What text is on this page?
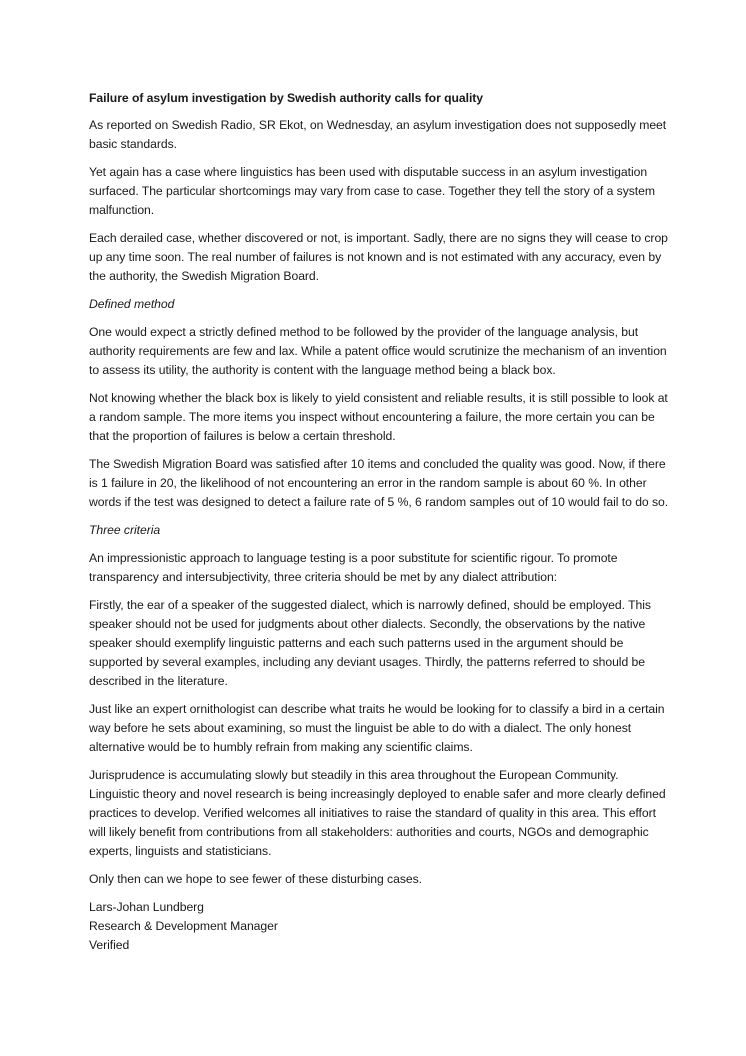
Failure of asylum investigation by Swedish authority calls for quality

As reported on Swedish Radio, SR Ekot, on Wednesday, an asylum investigation does not supposedly meet basic standards.

Yet again has a case where linguistics has been used with disputable success in an asylum investigation surfaced. The particular shortcomings may vary from case to case. Together they tell the story of a system malfunction.

Each derailed case, whether discovered or not, is important. Sadly, there are no signs they will cease to crop up any time soon. The real number of failures is not known and is not estimated with any accuracy, even by the authority, the Swedish Migration Board.

Defined method

One would expect a strictly defined method to be followed by the provider of the language analysis, but authority requirements are few and lax. While a patent office would scrutinize the mechanism of an invention to assess its utility, the authority is content with the language method being a black box.

Not knowing whether the black box is likely to yield consistent and reliable results, it is still possible to look at a random sample. The more items you inspect without encountering a failure, the more certain you can be that the proportion of failures is below a certain threshold.

The Swedish Migration Board was satisfied after 10 items and concluded the quality was good. Now, if there is 1 failure in 20, the likelihood of not encountering an error in the random sample is about 60 %. In other words if the test was designed to detect a failure rate of 5 %, 6 random samples out of 10 would fail to do so.

Three criteria

An impressionistic approach to language testing is a poor substitute for scientific rigour. To promote transparency and intersubjectivity, three criteria should be met by any dialect attribution:

Firstly, the ear of a speaker of the suggested dialect, which is narrowly defined, should be employed. This speaker should not be used for judgments about other dialects. Secondly, the observations by the native speaker should exemplify linguistic patterns and each such patterns used in the argument should be supported by several examples, including any deviant usages. Thirdly, the patterns referred to should be described in the literature.

Just like an expert ornithologist can describe what traits he would be looking for to classify a bird in a certain way before he sets about examining, so must the linguist be able to do with a dialect. The only honest alternative would be to humbly refrain from making any scientific claims.

Jurisprudence is accumulating slowly but steadily in this area throughout the European Community. Linguistic theory and novel research is being increasingly deployed to enable safer and more clearly defined practices to develop. Verified welcomes all initiatives to raise the standard of quality in this area. This effort will likely benefit from contributions from all stakeholders: authorities and courts, NGOs and demographic experts, linguists and statisticians.

Only then can we hope to see fewer of these disturbing cases.

Lars-Johan Lundberg

Research & Development Manager

Verified
